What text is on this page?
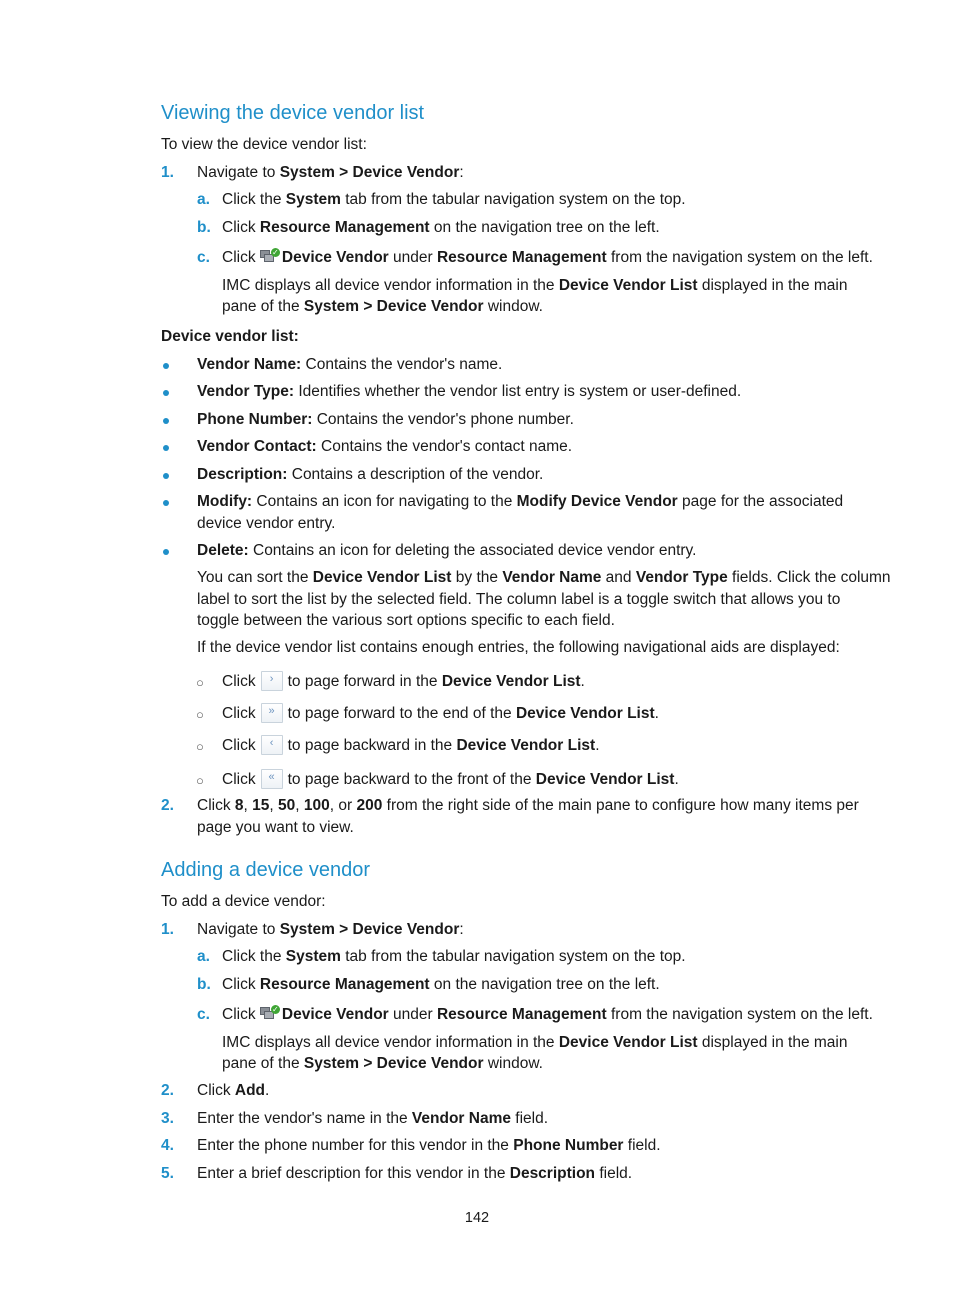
Viewing the device vendor list
To view the device vendor list:
1. Navigate to System > Device Vendor:
a. Click the System tab from the tabular navigation system on the top.
b. Click Resource Management on the navigation tree on the left.
c. Click ✓ Device Vendor under Resource Management from the navigation system on the left.
IMC displays all device vendor information in the Device Vendor List displayed in the main
pane of the System > Device Vendor window.
Device vendor list:
Vendor Name: Contains the vendor's name.
Vendor Type: Identifies whether the vendor list entry is system or user-defined.
Phone Number: Contains the vendor's phone number.
Vendor Contact: Contains the vendor's contact name.
Description: Contains a description of the vendor.
Modify: Contains an icon for navigating to the Modify Device Vendor page for the associated
device vendor entry.
Delete: Contains an icon for deleting the associated device vendor entry.
You can sort the Device Vendor List by the Vendor Name and Vendor Type fields. Click the column
label to sort the list by the selected field. The column label is a toggle switch that allows you to
toggle between the various sort options specific to each field.
If the device vendor list contains enough entries, the following navigational aids are displayed:
○ Click › to page forward in the Device Vendor List.
○ Click » to page forward to the end of the Device Vendor List.
○ Click ‹ to page backward in the Device Vendor List.
○ Click « to page backward to the front of the Device Vendor List.
2. Click 8, 15, 50, 100, or 200 from the right side of the main pane to configure how many items per
page you want to view.
Adding a device vendor
To add a device vendor:
1. Navigate to System > Device Vendor:
a. Click the System tab from the tabular navigation system on the top.
b. Click Resource Management on the navigation tree on the left.
c. Click ✓ Device Vendor under Resource Management from the navigation system on the left.
IMC displays all device vendor information in the Device Vendor List displayed in the main
pane of the System > Device Vendor window.
2. Click Add.
3. Enter the vendor's name in the Vendor Name field.
4. Enter the phone number for this vendor in the Phone Number field.
5. Enter a brief description for this vendor in the Description field.
142
